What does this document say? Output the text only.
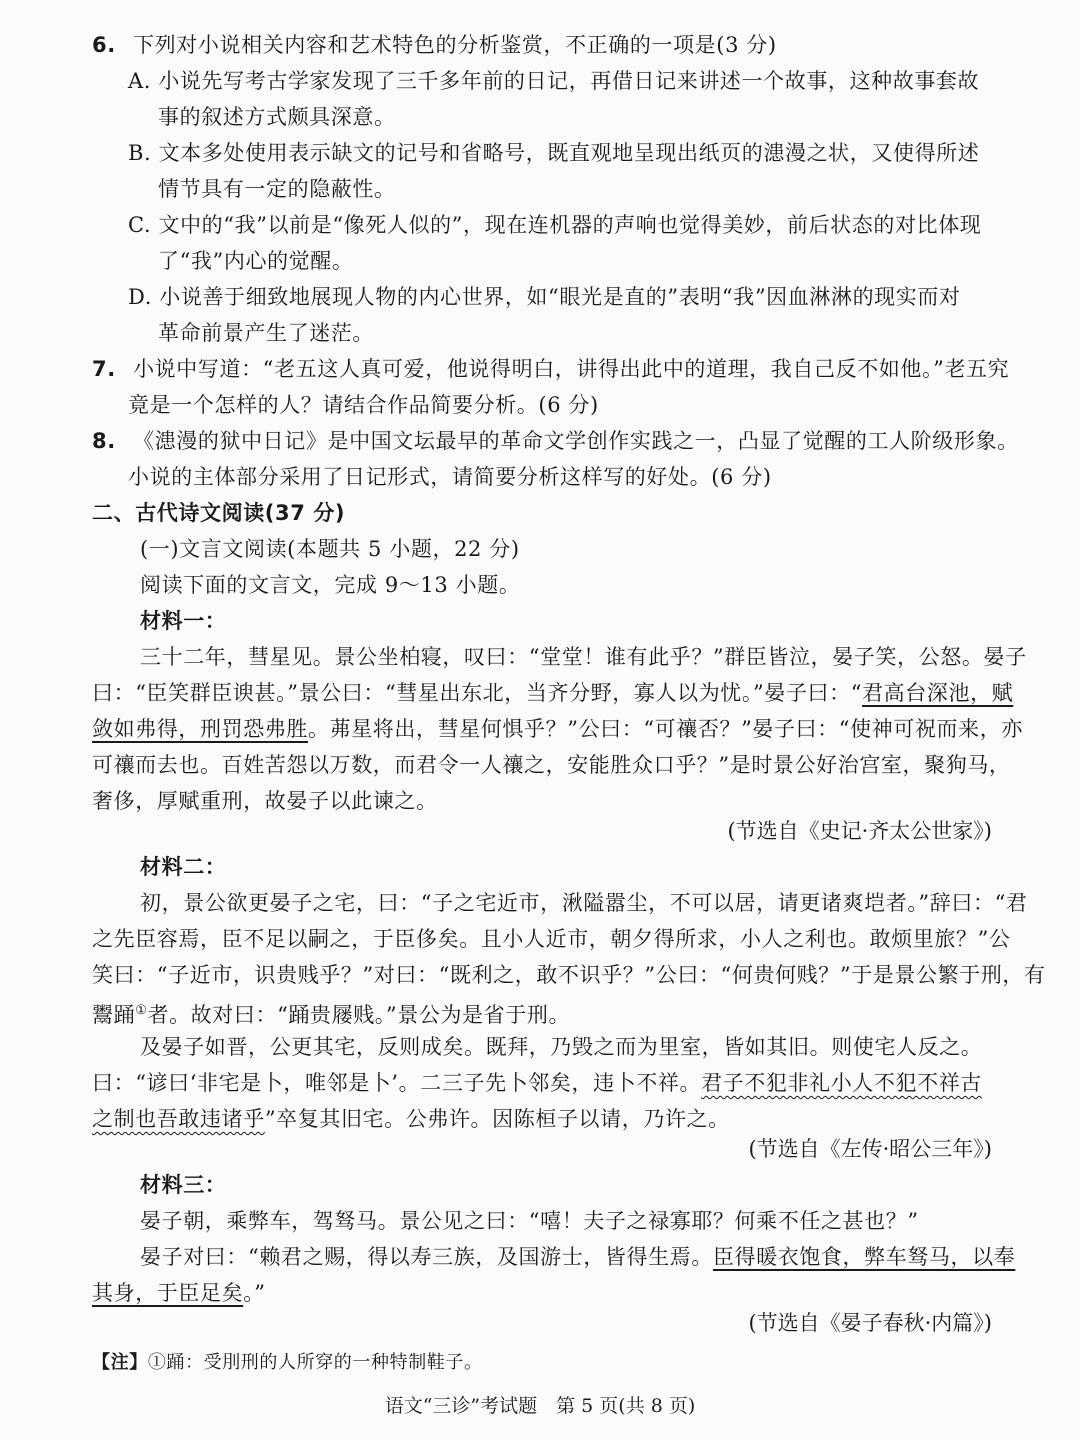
6. 下列对小说相关内容和艺术特色的分析鉴赏，不正确的一项是(3 分)
A. 小说先写考古学家发现了三千多年前的日记，再借日记来讲述一个故事，这种故事套故
事的叙述方式颇具深意。
B. 文本多处使用表示缺文的记号和省略号，既直观地呈现出纸页的漶漫之状，又使得所述
情节具有一定的隐蔽性。
C. 文中的“我”以前是“像死人似的”，现在连机器的声响也觉得美妙，前后状态的对比体现
了“我”内心的觉醒。
D. 小说善于细致地展现人物的内心世界，如“眼光是直的”表明“我”因血淋淋的现实而对
革命前景产生了迷茫。
7. 小说中写道：“老五这人真可爱，他说得明白，讲得出此中的道理，我自己反不如他。”老五究
竟是一个怎样的人？请结合作品简要分析。(6 分)
8. 《漶漫的狱中日记》是中国文坛最早的革命文学创作实践之一，凸显了觉醒的工人阶级形象。
小说的主体部分采用了日记形式，请简要分析这样写的好处。(6 分)
二、古代诗文阅读(37 分)
(一)文言文阅读(本题共 5 小题，22 分)
阅读下面的文言文，完成 9～13 小题。
材料一：
三十二年，彗星见。景公坐柏寝，叹曰：“堂堂！谁有此乎？”群臣皆泣，晏子笑，公怒。晏子
曰：“臣笑群臣谀甚。”景公曰：“彗星出东北，当齐分野，寡人以为忧。”晏子曰：“君高台深池，赋
敛如弗得，刑罚恐弗胜。茀星将出，彗星何惧乎？”公曰：“可禳否？”晏子曰：“使神可祝而来，亦
可禳而去也。百姓苦怨以万数，而君令一人禳之，安能胜众口乎？”是时景公好治宫室，聚狗马，
奢侈，厚赋重刑，故晏子以此谏之。
(节选自《史记·齐太公世家》)
材料二：
初，景公欲更晏子之宅，曰：“子之宅近市，湫隘嚣尘，不可以居，请更诸爽垲者。”辞曰：“君
之先臣容焉，臣不足以嗣之，于臣侈矣。且小人近市，朝夕得所求，小人之利也。敢烦里旅？”公
笑曰：“子近市，识贵贱乎？”对曰：“既利之，敢不识乎？”公曰：“何贵何贱？”于是景公繁于刑，有
鬻踊①者。故对曰：“踊贵屦贱。”景公为是省于刑。
及晏子如晋，公更其宅，反则成矣。既拜，乃毁之而为里室，皆如其旧。则使宅人反之。
曰：“谚曰‘非宅是卜，唯邻是卜’。二三子先卜邻矣，违卜不祥。君子不犯非礼小人不犯不祥古
之制也吾敢违诸乎”卒复其旧宅。公弗许。因陈桓子以请，乃许之。
(节选自《左传·昭公三年》)
材料三：
晏子朝，乘弊车，驾驽马。景公见之曰：“嘻！夫子之禄寡耶？何乘不任之甚也？”
晏子对曰：“赖君之赐，得以寿三族，及国游士，皆得生焉。臣得暖衣饱食，弊车驽马，以奉
其身，于臣足矣。”
(节选自《晏子春秋·内篇》)
【注】①踊：受刖刑的人所穿的一种特制鞋子。
语文“三诊”考试题　第 5 页(共 8 页)
